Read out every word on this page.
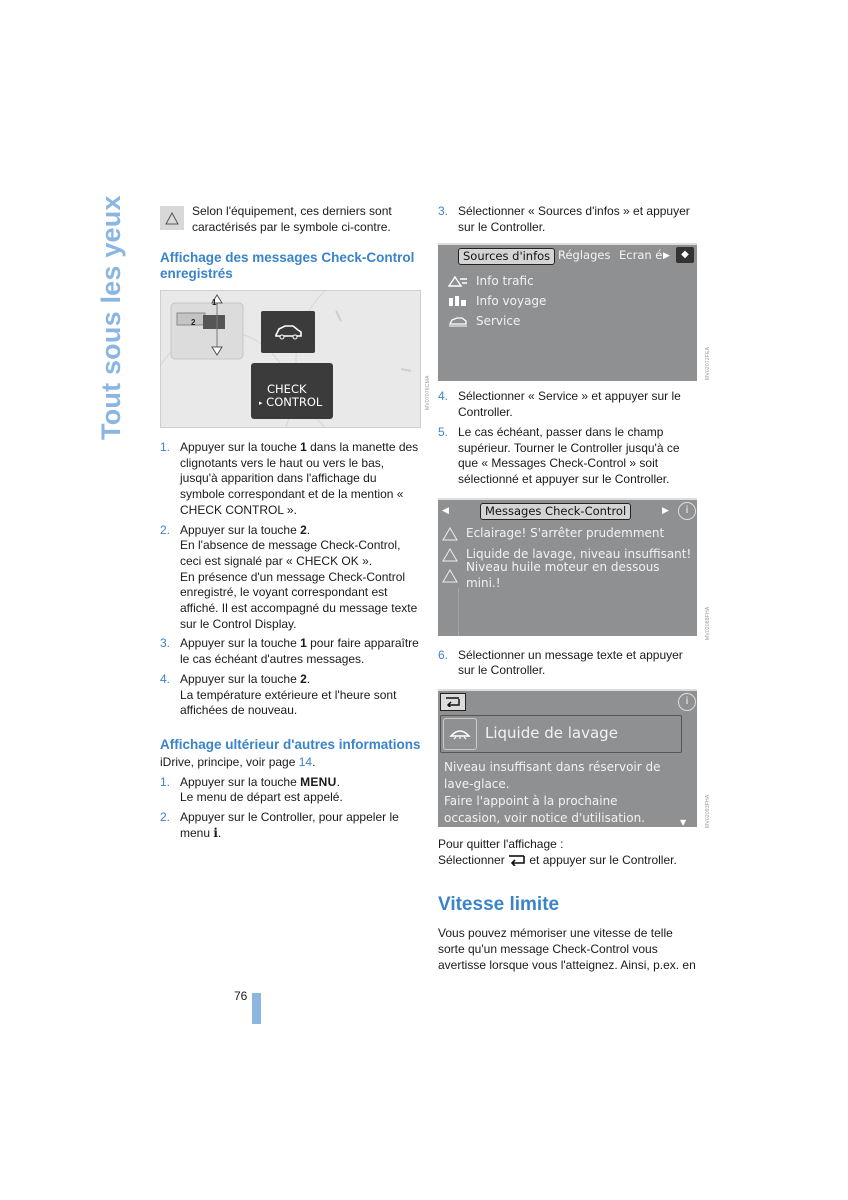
Tout sous les yeux	Selon l'équipement, ces derniers sont caractérisés par le symbole ci-contre.

Affichage des messages Check-Control enregistrés
1
2
CHECK
▸ CONTROL
1. Appuyer sur la touche 1 dans la manette des clignotants vers le haut ou vers le bas, jusqu'à apparition dans l'affichage du symbole correspondant et de la mention « CHECK CONTROL ».
2. Appuyer sur la touche 2.
En l'absence de message Check-Control, ceci est signalé par « CHECK OK ».
En présence d'un message Check-Control enregistré, le voyant correspondant est affiché. Il est accompagné du message texte sur le Control Display.
3. Appuyer sur la touche 1 pour faire apparaître le cas échéant d'autres messages.
4. Appuyer sur la touche 2.
La température extérieure et l'heure sont affichées de nouveau.
Affichage ultérieur d'autres informations

iDrive, principe, voir page 14.

1. Appuyer sur la touche MENU.
Le menu de départ est appelé.
2. Appuyer sur le Controller, pour appeler le menu i.
3. Sélectionner « Sources d'infos » et appuyer sur le Controller.
Sources d'infos Réglages Ecran é ▶	◆
Info trafic
Info voyage
Service
4. Sélectionner « Service » et appuyer sur le Controller.
5. Le cas échéant, passer dans le champ supérieur. Tourner le Controller jusqu'à ce que « Messages Check-Control » soit sélectionné et appuyer sur le Controller.
◀	Messages Check-Control	▶	i
Eclairage! S'arrêter prudemment
Liquide de lavage, niveau insuffisant!
Niveau huile moteur en dessous mini.!
6. Sélectionner un message texte et appuyer sur le Controller.
i
Liquide de lavage
Niveau insuffisant dans réservoir de
lave-glace.
Faire l'appoint à la prochaine
occasion, voir notice d'utilisation.	▼

Pour quitter l'affichage :

Sélectionner  et appuyer sur le Controller.

Vitesse limite

Vous pouvez mémoriser une vitesse de telle sorte qu'un message Check-Control vous avertisse lorsque vous l'atteignez. Ainsi, p.ex. en

76
MV07076CMA
MV02072FEA
MV02088FHA
MV02093FHA
